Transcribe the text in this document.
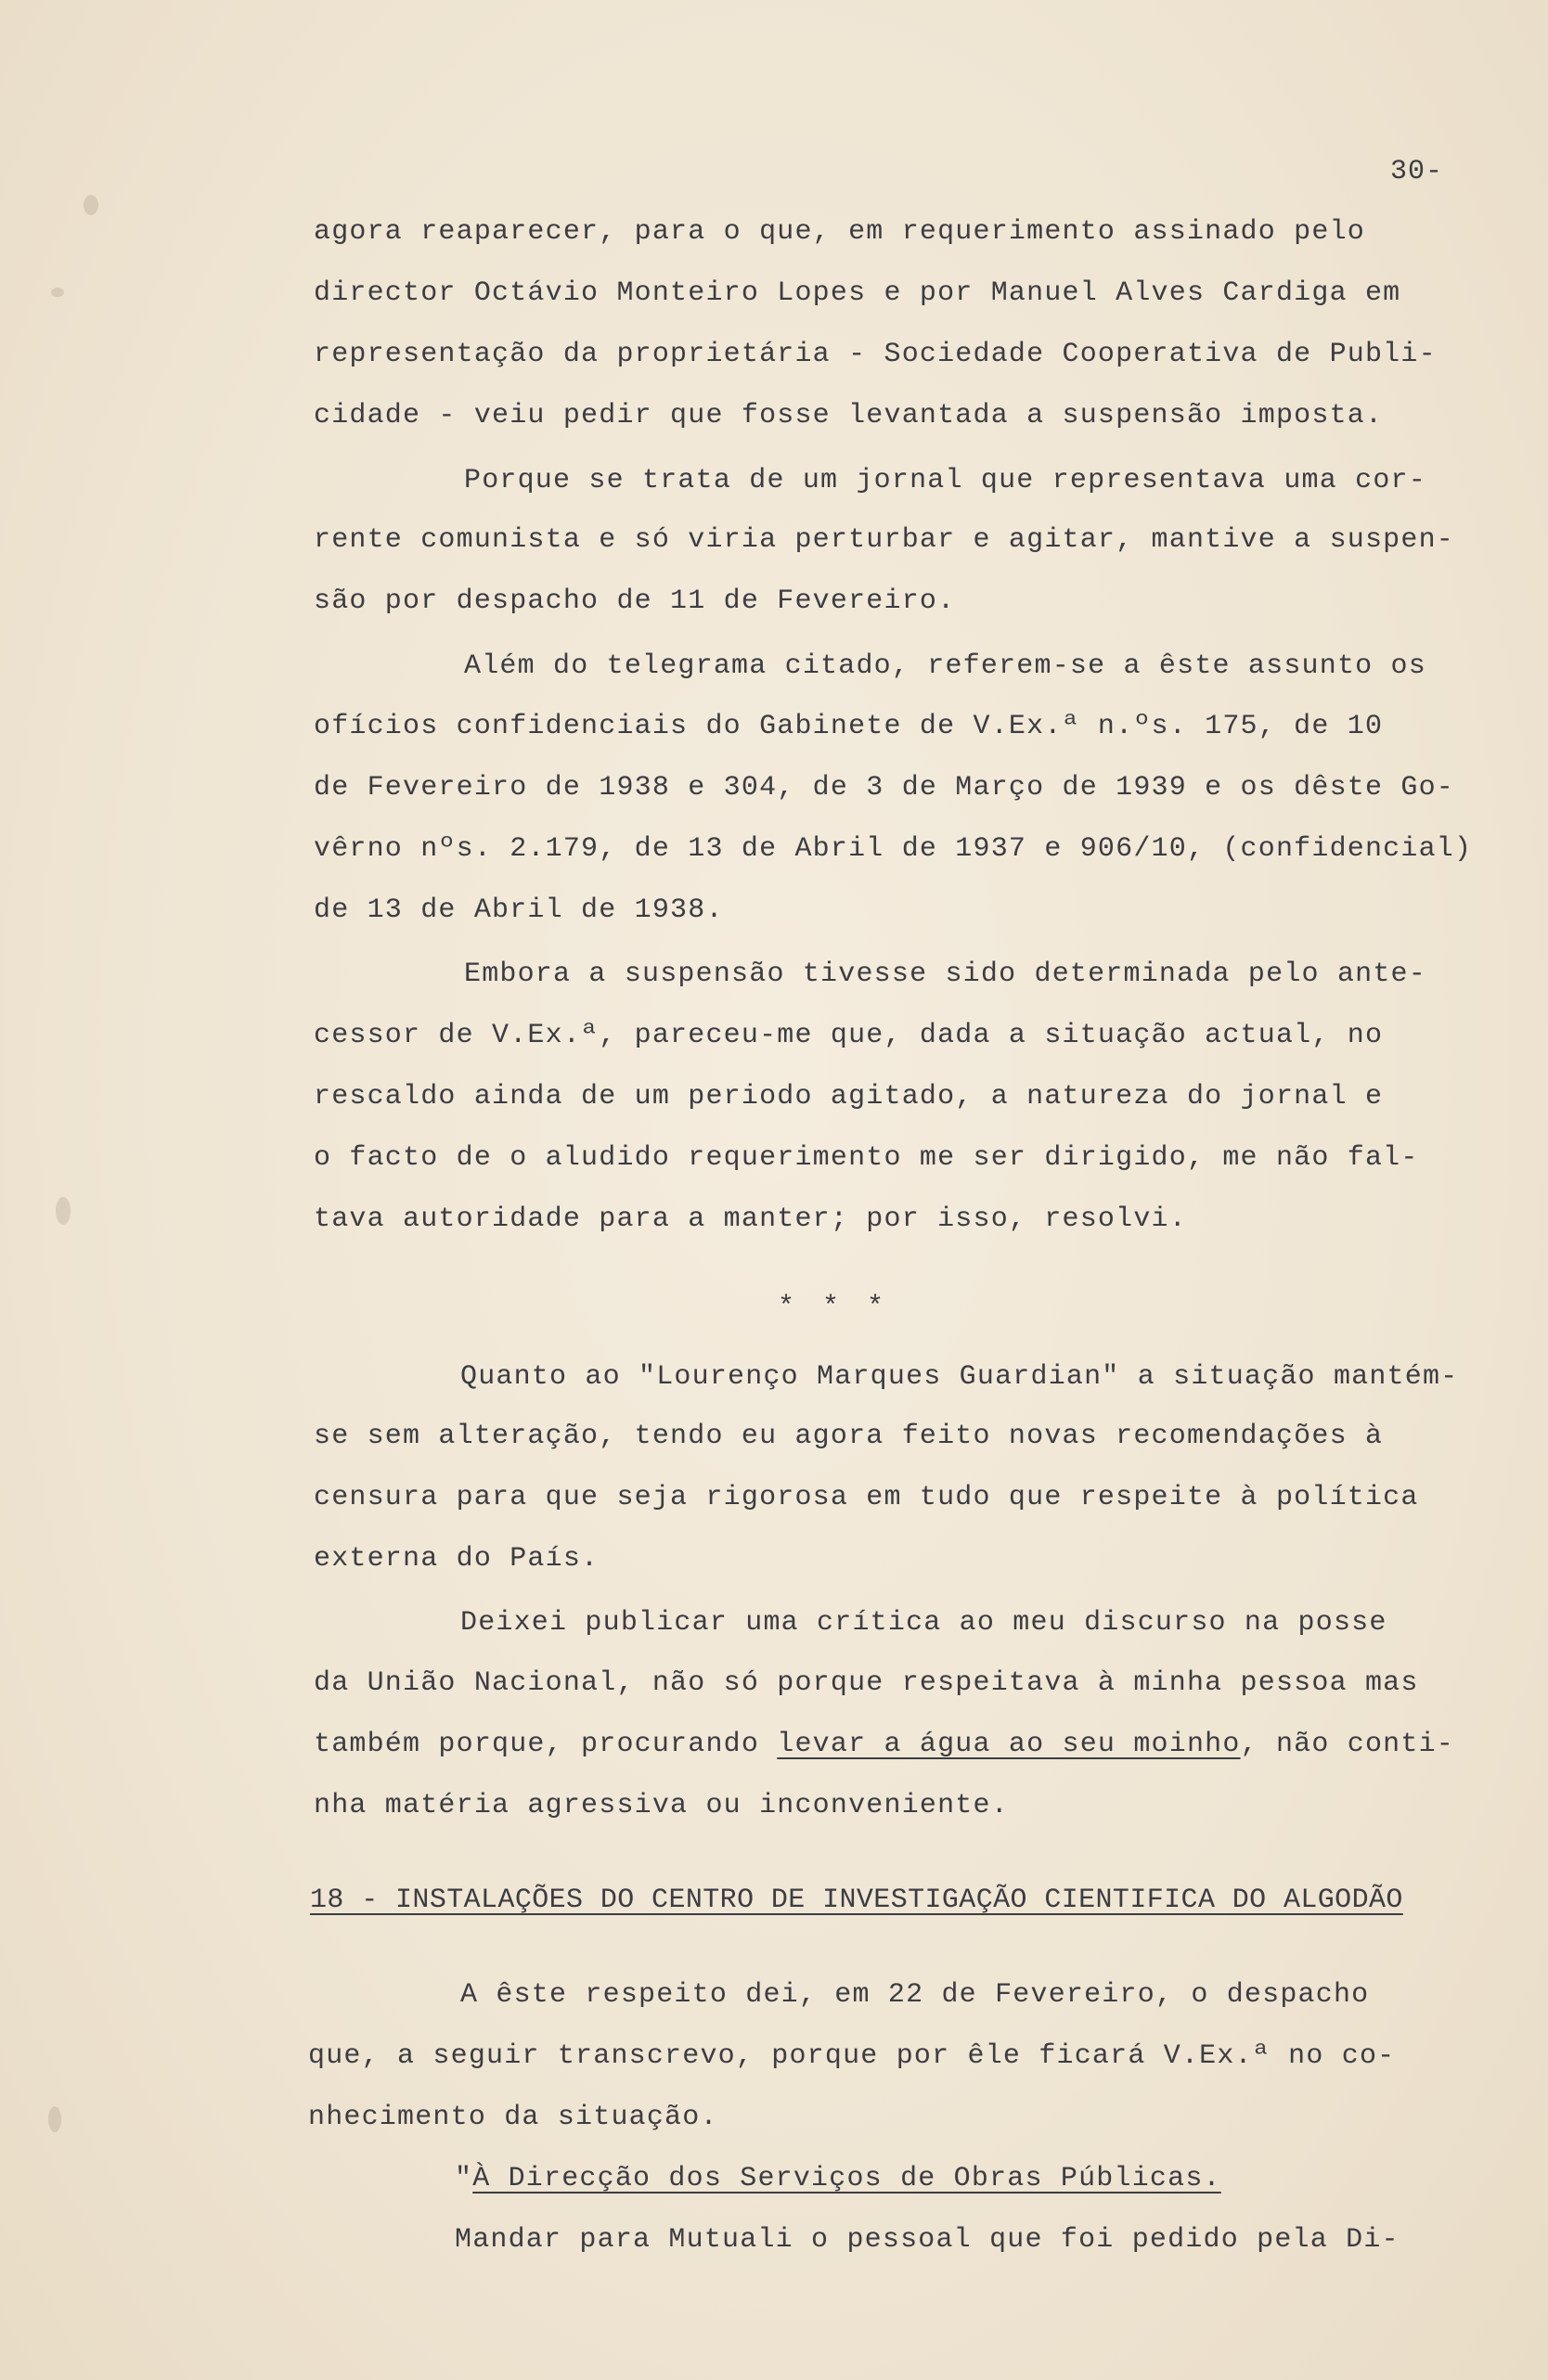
30-
agora reaparecer, para o que, em requerimento assinado pelo
director Octávio Monteiro Lopes e por Manuel Alves Cardiga em
representação da proprietária - Sociedade Cooperativa de Publi-
cidade - veiu pedir que fosse levantada a suspensão imposta.
Porque se trata de um jornal que representava uma cor-
rente comunista e só viria perturbar e agitar, mantive a suspen-
são por despacho de 11 de Fevereiro.
Além do telegrama citado, referem-se a êste assunto os
ofícios confidenciais do Gabinete de V.Ex.ª n.ºs. 175, de 10
de Fevereiro de 1938 e 304, de 3 de Março de 1939 e os dêste Go-
vêrno nºs. 2.179, de 13 de Abril de 1937 e 906/10, (confidencial)
de 13 de Abril de 1938.
Embora a suspensão tivesse sido determinada pelo ante-
cessor de V.Ex.ª, pareceu-me que, dada a situação actual, no
rescaldo ainda de um periodo agitado, a natureza do jornal e
o facto de o aludido requerimento me ser dirigido, me não fal-
tava autoridade para a manter; por isso, resolvi.
* * *
Quanto ao "Lourenço Marques Guardian" a situação mantém-
se sem alteração, tendo eu agora feito novas recomendações à
censura para que seja rigorosa em tudo que respeite à política
externa do País.
Deixei publicar uma crítica ao meu discurso na posse
da União Nacional, não só porque respeitava à minha pessoa mas
também porque, procurando levar a água ao seu moinho, não conti-
nha matéria agressiva ou inconveniente.
18 - INSTALAÇÕES DO CENTRO DE INVESTIGAÇÃO CIENTIFICA DO ALGODÃO
A êste respeito dei, em 22 de Fevereiro, o despacho
que, a seguir transcrevo, porque por êle ficará V.Ex.ª no co-
nhecimento da situação.
"À Direcção dos Serviços de Obras Públicas.
Mandar para Mutuali o pessoal que foi pedido pela Di-
